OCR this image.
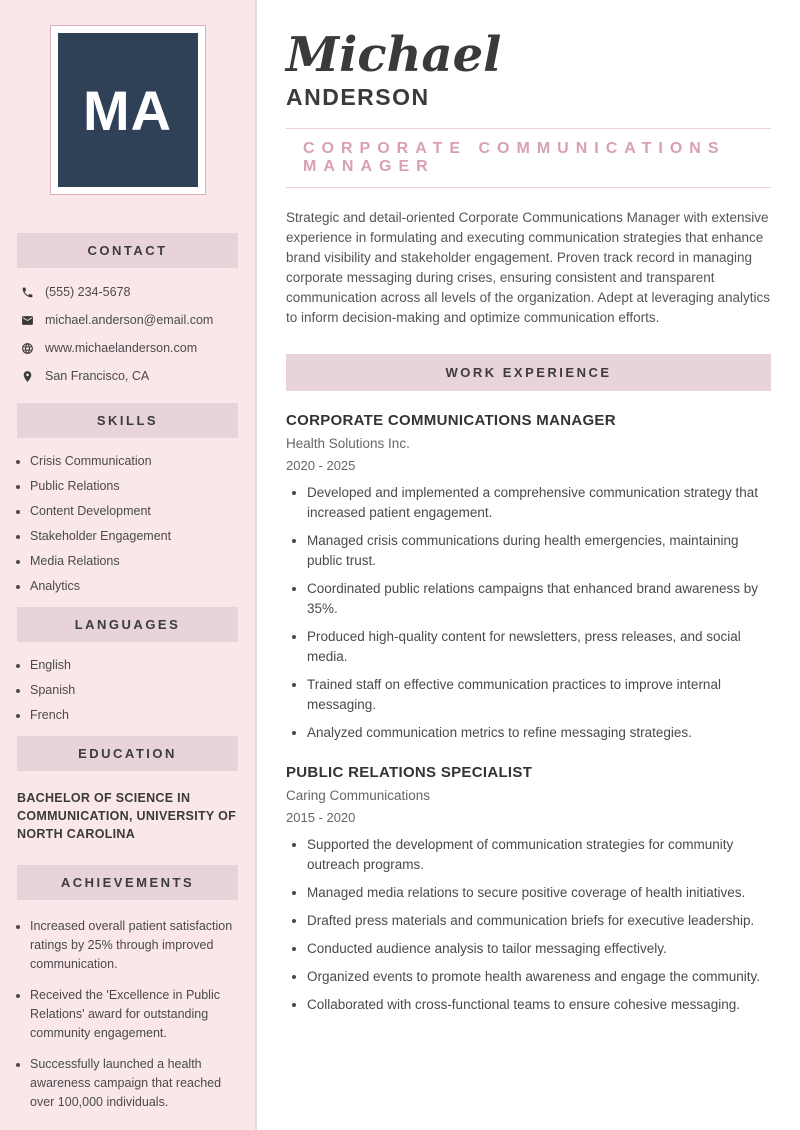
MA
CONTACT
(555) 234-5678
michael.anderson@email.com
www.michaelanderson.com
San Francisco, CA
SKILLS
• Crisis Communication
• Public Relations
• Content Development
• Stakeholder Engagement
• Media Relations
• Analytics
LANGUAGES
• English
• Spanish
• French
EDUCATION
BACHELOR OF SCIENCE IN COMMUNICATION, UNIVERSITY OF NORTH CAROLINA
ACHIEVEMENTS
• Increased overall patient satisfaction ratings by 25% through improved communication.
• Received the 'Excellence in Public Relations' award for outstanding community engagement.
• Successfully launched a health awareness campaign that reached over 100,000 individuals.
Michael
ANDERSON
CORPORATE COMMUNICATIONS MANAGER

Strategic and detail-oriented Corporate Communications Manager with extensive experience in formulating and executing communication strategies that enhance brand visibility and stakeholder engagement. Proven track record in managing corporate messaging during crises, ensuring consistent and transparent communication across all levels of the organization. Adept at leveraging analytics to inform decision-making and optimize communication efforts.

WORK EXPERIENCE
CORPORATE COMMUNICATIONS MANAGER
Health Solutions Inc.
2020 - 2025
• Developed and implemented a comprehensive communication strategy that increased patient engagement.
• Managed crisis communications during health emergencies, maintaining public trust.
• Coordinated public relations campaigns that enhanced brand awareness by 35%.
• Produced high-quality content for newsletters, press releases, and social media.
• Trained staff on effective communication practices to improve internal messaging.
• Analyzed communication metrics to refine messaging strategies.
PUBLIC RELATIONS SPECIALIST
Caring Communications
2015 - 2020
• Supported the development of communication strategies for community outreach programs.
• Managed media relations to secure positive coverage of health initiatives.
• Drafted press materials and communication briefs for executive leadership.
• Conducted audience analysis to tailor messaging effectively.
• Organized events to promote health awareness and engage the community.
• Collaborated with cross-functional teams to ensure cohesive messaging.
